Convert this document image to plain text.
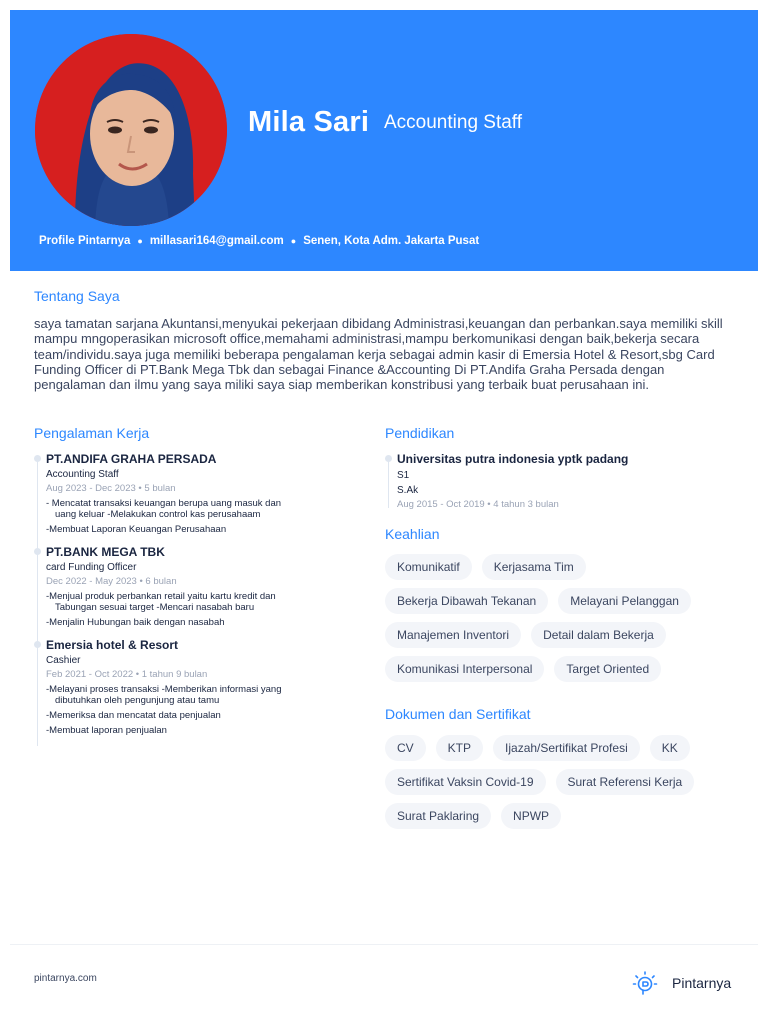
Mila Sari Accounting Staff
Profile Pintarnya ● millasari164@gmail.com ● Senen, Kota Adm. Jakarta Pusat
Tentang Saya
saya tamatan sarjana Akuntansi,menyukai pekerjaan dibidang Administrasi,keuangan dan perbankan.saya memiliki skill mampu mngoperasikan microsoft office,memahami administrasi,mampu berkomunikasi dengan baik,bekerja secara team/individu.saya juga memiliki beberapa pengalaman kerja sebagai admin kasir di Emersia Hotel & Resort,sbg Card Funding Officer di PT.Bank Mega Tbk dan sebagai Finance &Accounting Di PT.Andifa Graha Persada dengan pengalaman dan ilmu yang saya miliki saya siap memberikan konstribusi yang terbaik buat perusahaan ini.
Pengalaman Kerja
PT.ANDIFA GRAHA PERSADA
Accounting Staff
Aug 2023 - Dec 2023 • 5 bulan
- Mencatat transaksi keuangan berupa uang masuk dan
uang keluar -Melakukan control kas perusahaam
-Membuat Laporan Keuangan Perusahaan
PT.BANK MEGA TBK
card Funding Officer
Dec 2022 - May 2023 • 6 bulan
-Menjual produk perbankan retail yaitu kartu kredit dan
Tabungan sesuai target -Mencari nasabah baru
-Menjalin Hubungan baik dengan nasabah
Emersia hotel & Resort
Cashier
Feb 2021 - Oct 2022 • 1 tahun 9 bulan
-Melayani proses transaksi -Memberikan informasi yang
dibutuhkan oleh pengunjung atau tamu
-Memeriksa dan mencatat data penjualan
-Membuat laporan penjualan
Pendidikan
Universitas putra indonesia yptk padang
S1
S.Ak
Aug 2015 - Oct 2019 • 4 tahun 3 bulan
Keahlian
Komunikatif	Kerjasama Tim
Bekerja Dibawah Tekanan	Melayani Pelanggan
Manajemen Inventori	Detail dalam Bekerja
Komunikasi Interpersonal	Target Oriented
Dokumen dan Sertifikat
CV	KTP	Ijazah/Sertifikat Profesi	KK
Sertifikat Vaksin Covid-19	Surat Referensi Kerja
Surat Paklaring	NPWP
pintarnya.com	Pintarnya
